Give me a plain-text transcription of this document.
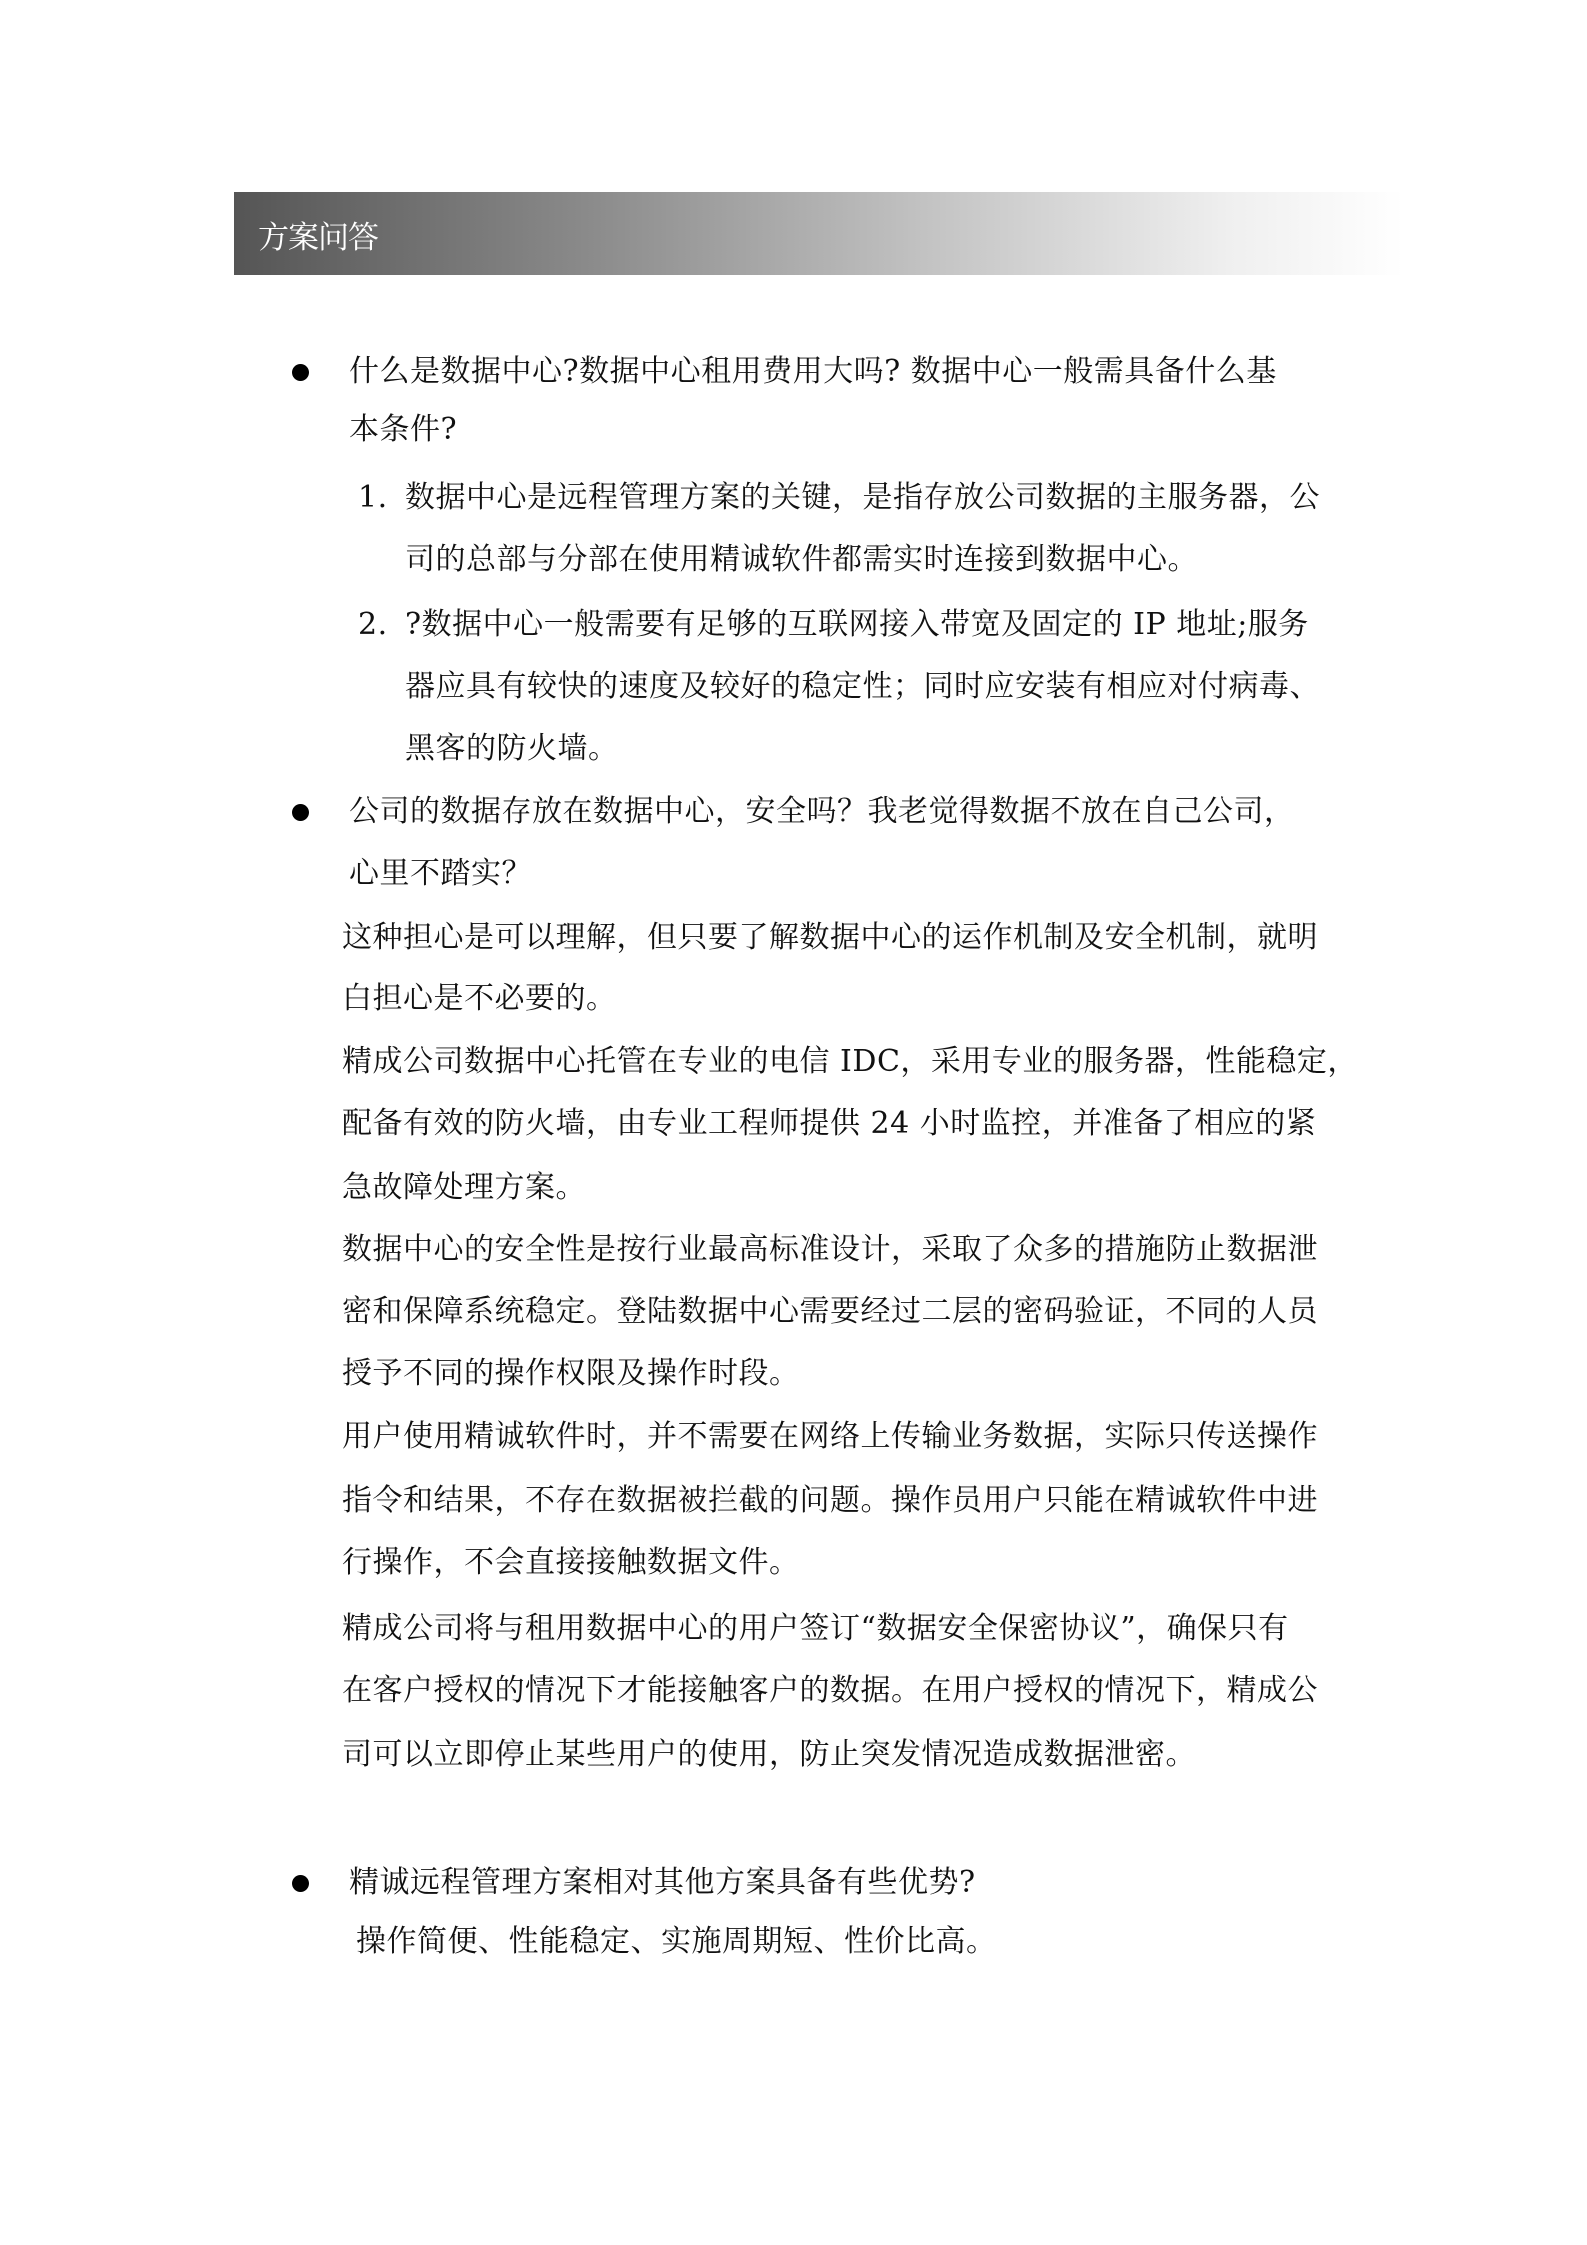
方案问答
什么是数据中心?数据中心租用费用大吗? 数据中心一般需具备什么基
本条件?
1. 数据中心是远程管理方案的关键，是指存放公司数据的主服务器，公
司的总部与分部在使用精诚软件都需实时连接到数据中心。
2. ?数据中心一般需要有足够的互联网接入带宽及固定的 IP 地址;服务
器应具有较快的速度及较好的稳定性；同时应安装有相应对付病毒、
黑客的防火墙。
公司的数据存放在数据中心，安全吗？我老觉得数据不放在自己公司，
心里不踏实？
这种担心是可以理解，但只要了解数据中心的运作机制及安全机制，就明
白担心是不必要的。
精成公司数据中心托管在专业的电信 IDC，采用专业的服务器，性能稳定，
配备有效的防火墙，由专业工程师提供 24 小时监控，并准备了相应的紧
急故障处理方案。
数据中心的安全性是按行业最高标准设计，采取了众多的措施防止数据泄
密和保障系统稳定。登陆数据中心需要经过二层的密码验证，不同的人员
授予不同的操作权限及操作时段。
用户使用精诚软件时，并不需要在网络上传输业务数据，实际只传送操作
指令和结果，不存在数据被拦截的问题。操作员用户只能在精诚软件中进
行操作，不会直接接触数据文件。
精成公司将与租用数据中心的用户签订“数据安全保密协议”，确保只有
在客户授权的情况下才能接触客户的数据。在用户授权的情况下，精成公
司可以立即停止某些用户的使用，防止突发情况造成数据泄密。
精诚远程管理方案相对其他方案具备有些优势?
操作简便、性能稳定、实施周期短、性价比高。
